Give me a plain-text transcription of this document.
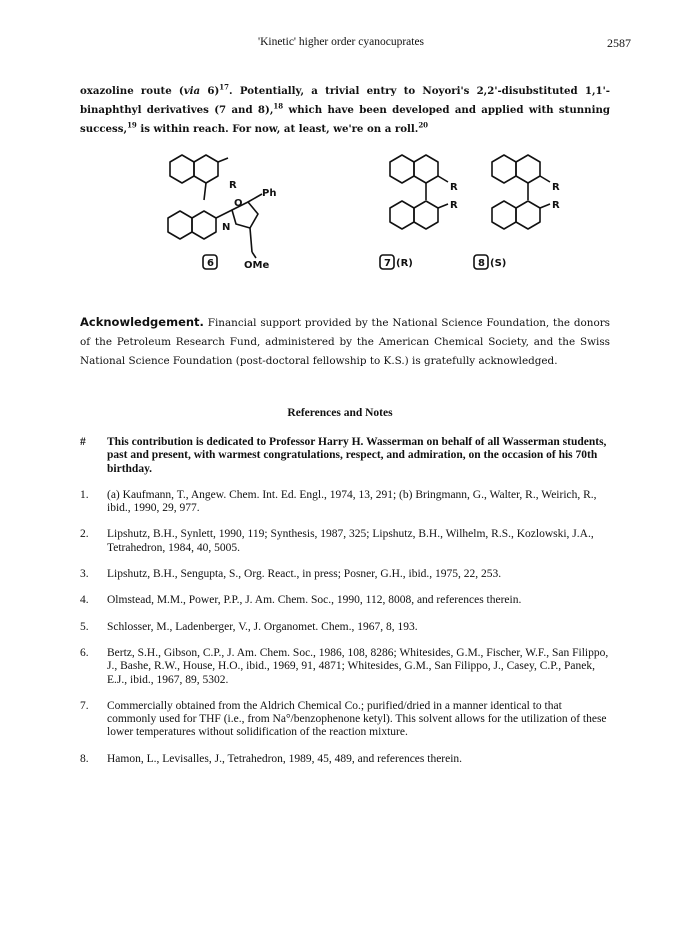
'Kinetic' higher order cyanocuprates	2587
oxazoline route (via 6)$^{17}$. Potentially, a trivial entry to Noyori's 2,2'-disubstituted 1,1'-binaphthyl derivatives (7 and 8),$^{18}$ which have been developed and applied with stunning success,$^{19}$ is within reach. For now, at least, we're on a roll.$^{20}$
R
Ph
O
N
OMe
R
R
R
R
6	7 (R)	8 (S)
Acknowledgement. Financial support provided by the National Science Foundation, the donors of the Petroleum Research Fund, administered by the American Chemical Society, and the Swiss National Science Foundation (post-doctoral fellowship to K.S.) is gratefully acknowledged.
References and Notes
#	This contribution is dedicated to Professor Harry H. Wasserman on behalf of all Wasserman students, past and present, with warmest congratulations, respect, and admiration, on the occasion of his 70th birthday.
1.	(a) Kaufmann, T., Angew. Chem. Int. Ed. Engl., 1974, 13, 291; (b) Bringmann, G., Walter, R., Weirich, R., ibid., 1990, 29, 977.
2.	Lipshutz, B.H., Synlett, 1990, 119; Synthesis, 1987, 325; Lipshutz, B.H., Wilhelm, R.S., Kozlowski, J.A., Tetrahedron, 1984, 40, 5005.
3.	Lipshutz, B.H., Sengupta, S., Org. React., in press; Posner, G.H., ibid., 1975, 22, 253.
4.	Olmstead, M.M., Power, P.P., J. Am. Chem. Soc., 1990, 112, 8008, and references therein.
5.	Schlosser, M., Ladenberger, V., J. Organomet. Chem., 1967, 8, 193.
6.	Bertz, S.H., Gibson, C.P., J. Am. Chem. Soc., 1986, 108, 8286; Whitesides, G.M., Fischer, W.F., San Filippo, J., Bashe, R.W., House, H.O., ibid., 1969, 91, 4871; Whitesides, G.M., San Filippo, J., Casey, C.P., Panek, E.J., ibid., 1967, 89, 5302.
7.	Commercially obtained from the Aldrich Chemical Co.; purified/dried in a manner identical to that commonly used for THF (i.e., from Na°/benzophenone ketyl). This solvent allows for the utilization of these lower temperatures without solidification of the reaction mixture.
8.	Hamon, L., Levisalles, J., Tetrahedron, 1989, 45, 489, and references therein.
